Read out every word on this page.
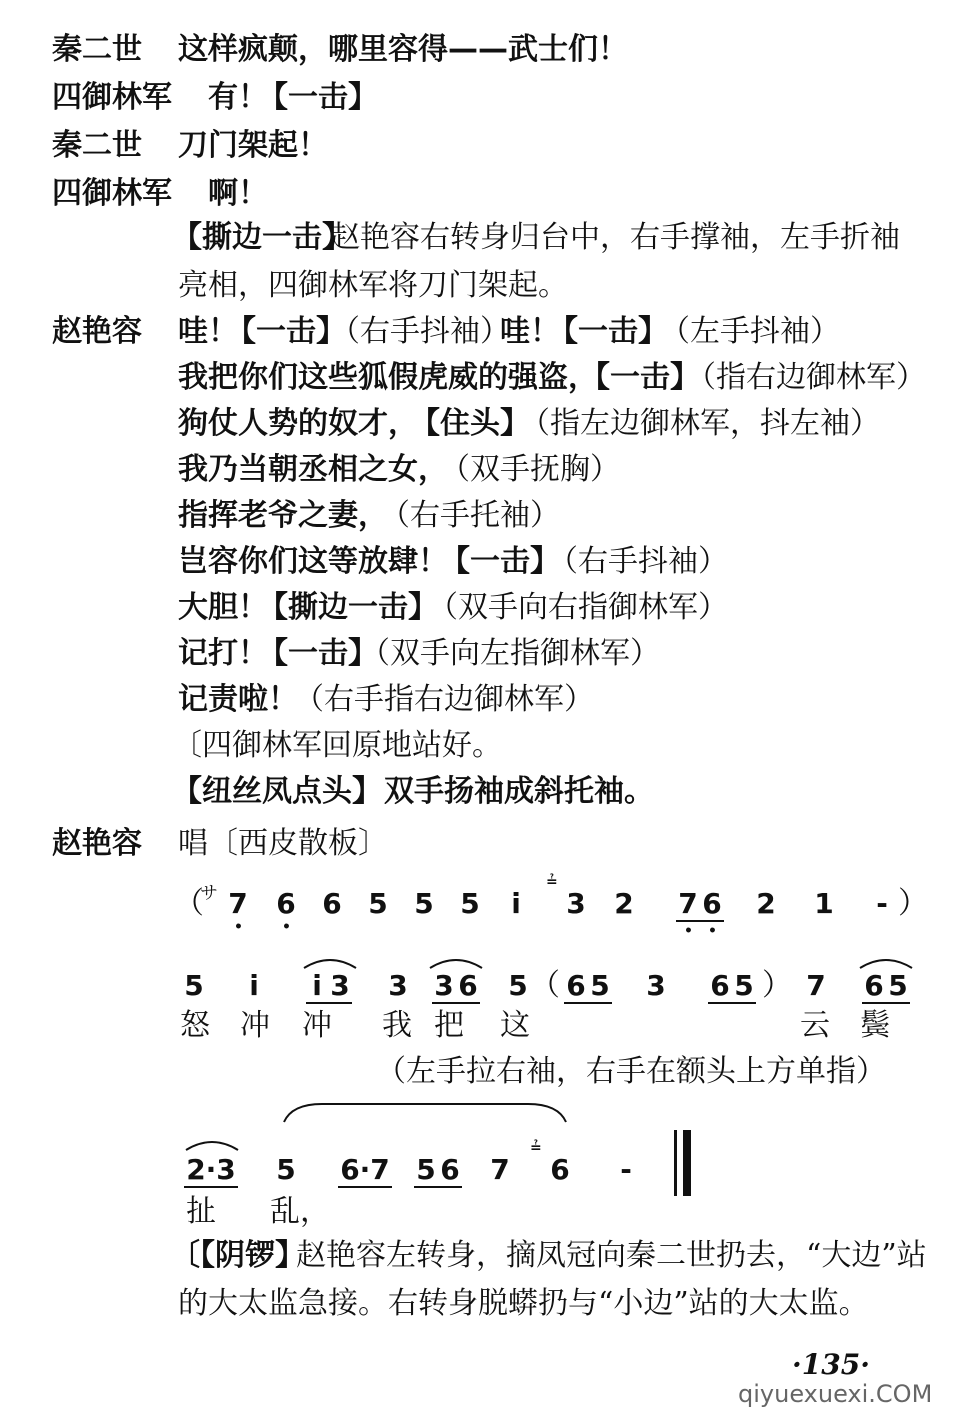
秦二世 这样疯颠，哪里容得——武士们！
四御林军 有！
【一击】
秦二世 刀门架起！
四御林军 啊！
【撕边一击】
赵艳容右转身归台中，右手撑袖，左手折袖
亮相，四御林军将刀门架起。
赵艳容 哇！
【一击】
（右手抖袖）
哇！
【一击】
（左手抖袖）
我把你们这些狐假虎威的强盗，
【一击】
（指右边御林军）
狗仗人势的奴才，
【住头】
（指左边御林军，抖左袖）
我乃当朝丞相之女，
（双手抚胸）
指挥老爷之妻，
（右手托袖）
岂容你们这等放肆！
【一击】
（右手抖袖）
大胆！
【撕边一击】
（双手向右指御林军）
记打！
【一击】
（双手向左指御林军）
记责啦！
（右手指右边御林军）
〔四御林军回原地站好。
【纽丝凤点头】 双手扬袖成斜托袖。
赵艳容 唱〔西皮散板〕
（
サ 7
•
6
•
6 5 5 5 i
≟
3 2 7
•
6
•
2 1 - ）
5 i i 3 3 3 6 5 （ 6 5 3 6 5 ） 7 6 5
怒 冲 冲 我 把 这	云 鬓
（左手拉右袖，右手在额头上方单指）
2·3 5 6·7 5 6 7
≟
6 -
扯 乱，
〔【阴锣】
赵艳容左转身，摘凤冠向秦二世扔去，“大边”站
的大太监急接。右转身脱蟒扔与“小边”站的大太监。
·135·
qiyuexuexi.COM
